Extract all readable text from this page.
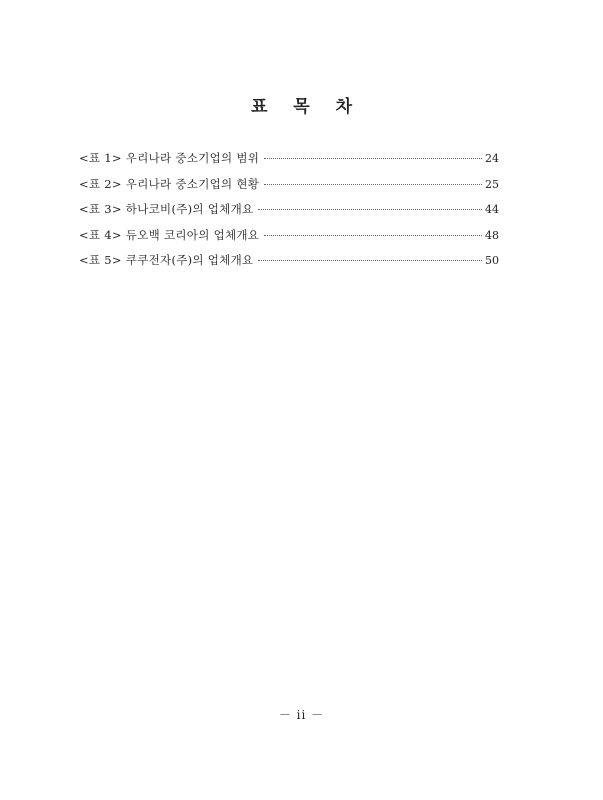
표 목 차
<표 1> 우리나라 중소기업의 범위	24
<표 2> 우리나라 중소기업의 현황	25
<표 3> 하나코비(주)의 업체개요	44
<표 4> 듀오백 코리아의 업체개요	48
<표 5> 쿠쿠전자(주)의 업체개요	50
－ ii －
